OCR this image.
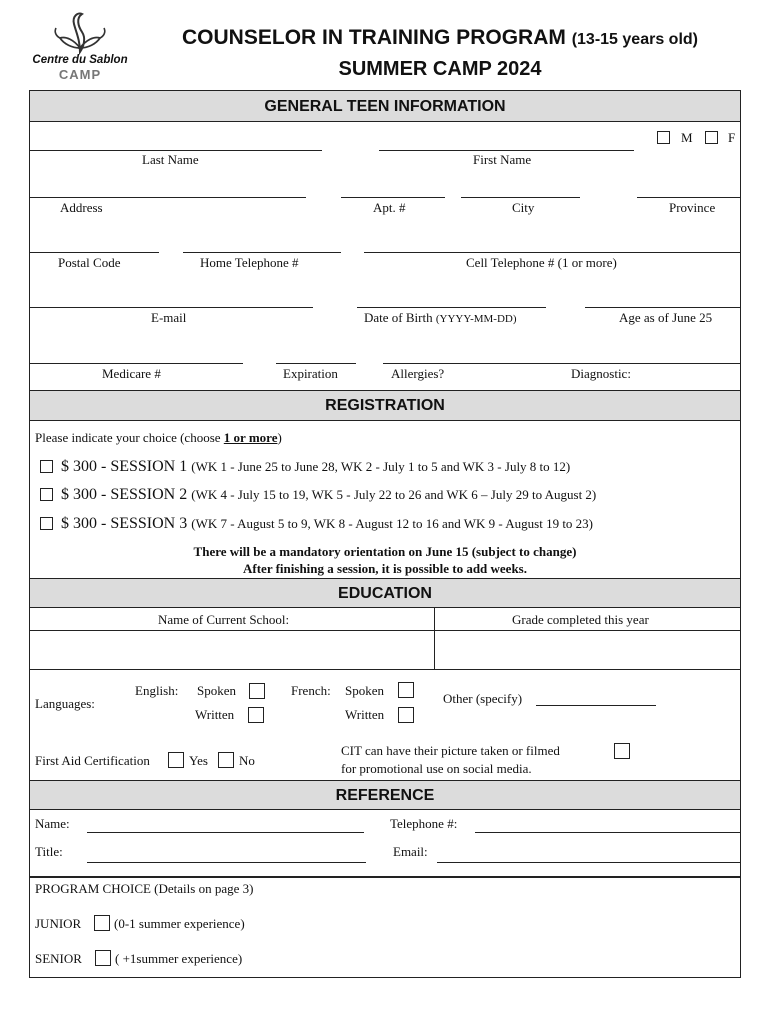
Centre du Sablon
CAMP
COUNSELOR IN TRAINING PROGRAM (13-15 years old)
SUMMER CAMP 2024
GENERAL TEEN INFORMATION
M	F
Last Name	First Name
Address	Apt. #	City	Province
Postal Code	Home Telephone #	Cell Telephone # (1 or more)
E-mail	Date of Birth (YYYY-MM-DD)	Age as of June 25
Medicare #	Expiration	Allergies?	Diagnostic:
REGISTRATION
Please indicate your choice (choose 1 or more)
$ 300 - SESSION 1 (WK 1 - June 25 to June 28, WK 2 - July 1 to 5 and WK 3 - July 8 to 12)
$ 300 - SESSION 2 (WK 4 - July 15 to 19, WK 5 - July 22 to 26 and WK 6 – July 29 to August 2)
$ 300 - SESSION 3 (WK 7 - August 5 to 9, WK 8 - August 12 to 16 and WK 9 - August 19 to 23)
There will be a mandatory orientation on June 15 (subject to change)
After finishing a session, it is possible to add weeks.
EDUCATION
Name of Current School:	Grade completed this year
Languages:
English: Spoken
Written
French: Spoken
Written
Other (specify)
First Aid Certification	Yes No
CIT can have their picture taken or filmed
for promotional use on social media.
REFERENCE
Name:	Telephone #:
Title:	Email:
PROGRAM CHOICE (Details on page 3)
JUNIOR	(0-1 summer experience)
SENIOR	( +1summer experience)
